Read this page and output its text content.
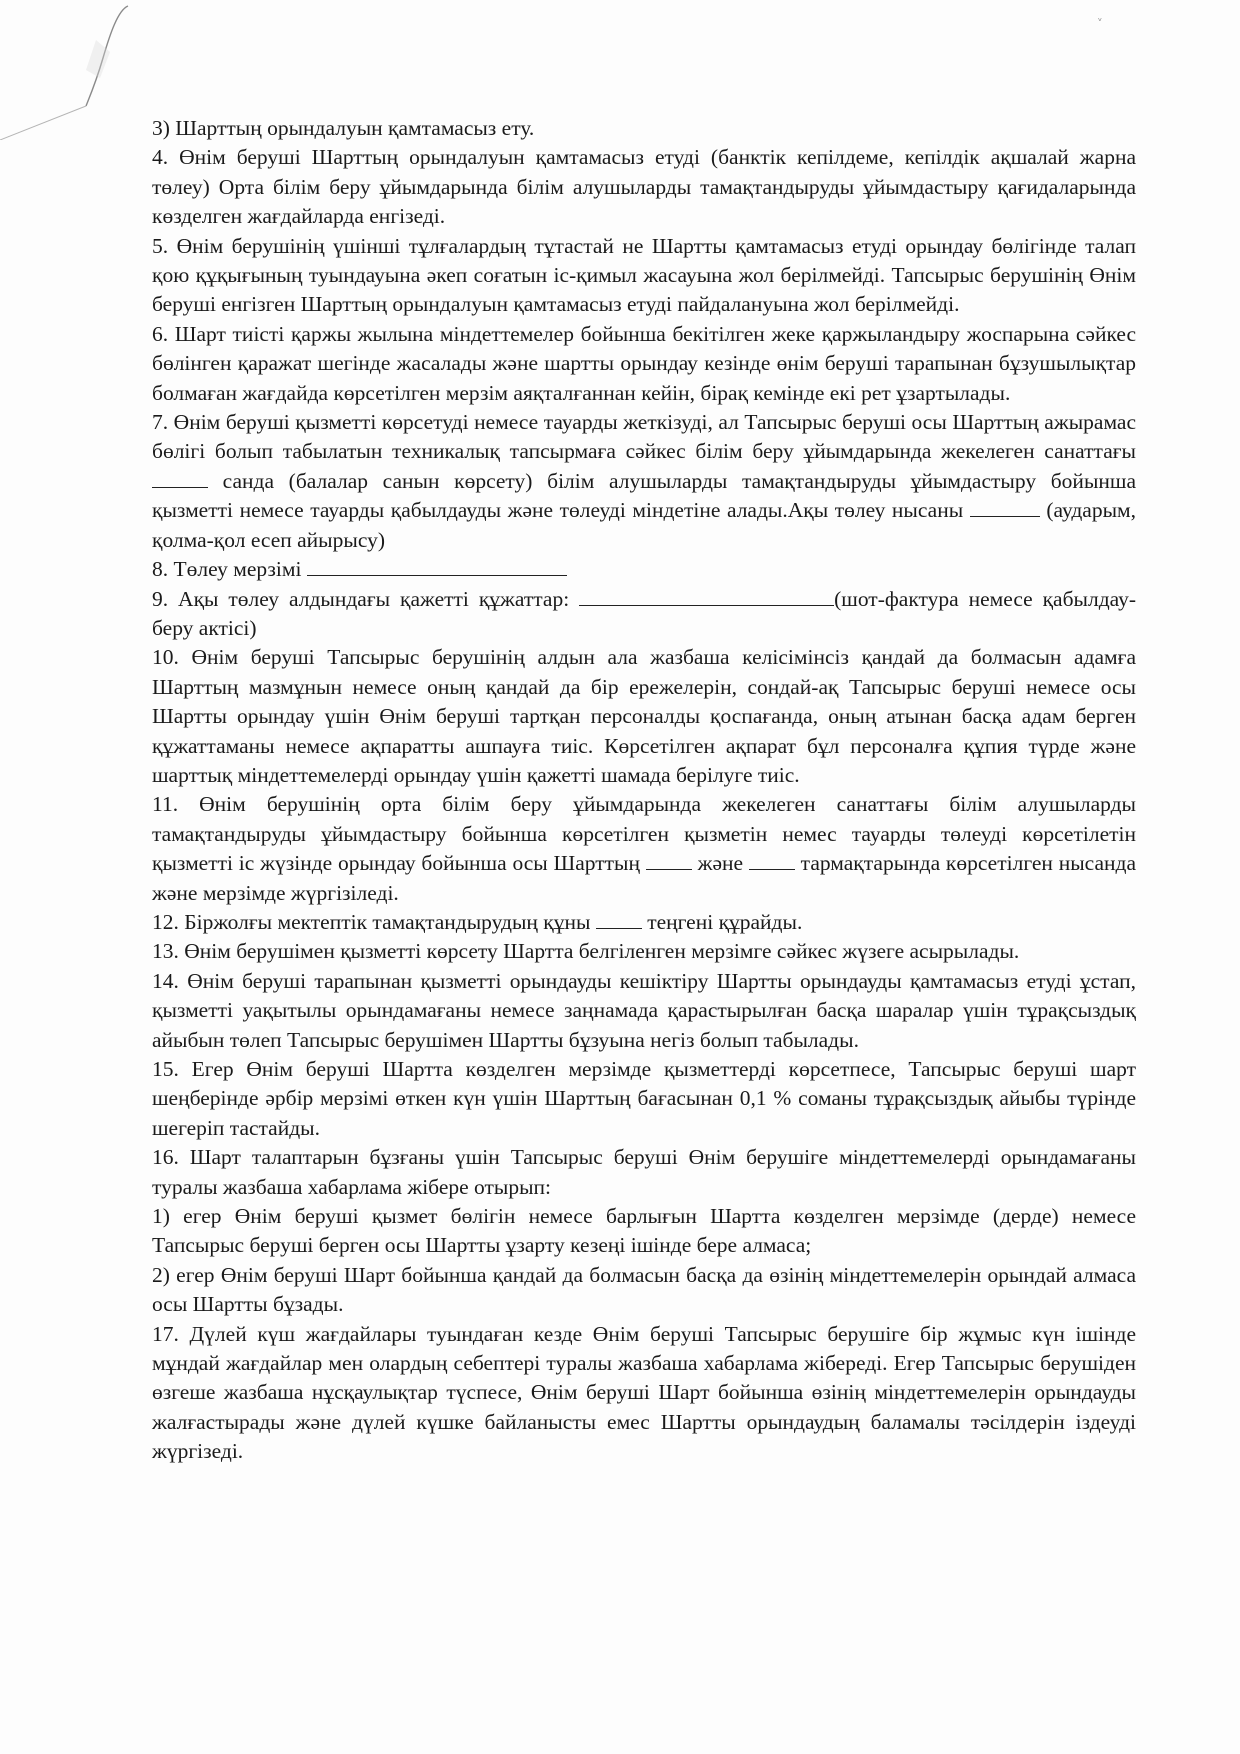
ᵥ

3) Шарттың орындалуын қамтамасыз ету.

4. Өнім беруші Шарттың орындалуын қамтамасыз етуді (банктік кепілдеме, кепілдік ақшалай жарна төлеу) Орта білім беру ұйымдарында білім алушыларды тамақтандыруды ұйымдастыру қағидаларында көзделген жағдайларда енгізеді.

5. Өнім берушінің үшінші тұлғалардың тұтастай не Шартты қамтамасыз етуді орындау бөлігінде талап қою құқығының туындауына әкеп соғатын іс-қимыл жасауына жол берілмейді. Тапсырыс берушінің Өнім беруші енгізген Шарттың орындалуын қамтамасыз етуді пайдалануына жол берілмейді.

6. Шарт тиісті қаржы жылына міндеттемелер бойынша бекітілген жеке қаржыландыру жоспарына сәйкес бөлінген қаражат шегінде жасалады және шартты орындау кезінде өнім беруші тарапынан бұзушылықтар болмаған жағдайда көрсетілген мерзім аяқталғаннан кейін, бірақ кемінде екі рет ұзартылады.

7. Өнім беруші қызметті көрсетуді немесе тауарды жеткізуді, ал Тапсырыс беруші осы Шарттың ажырамас бөлігі болып табылатын техникалық тапсырмаға сәйкес білім беру ұйымдарында жекелеген санаттағы  санда (балалар санын көрсету) білім алушыларды тамақтандыруды ұйымдастыру бойынша қызметті немесе тауарды қабылдауды және төлеуді міндетіне алады.Ақы төлеу нысаны	(аударым, қолма-қол есеп айырысу)

8. Төлеу мерзімі

9. Ақы төлеу алдындағы қажетті құжаттар:	(шот-фактура немесе қабылдау-беру актісі)

10. Өнім беруші Тапсырыс берушінің алдын ала жазбаша келісімінсіз қандай да болмасын адамға Шарттың мазмұнын немесе оның қандай да бір ережелерін, сондай-ақ Тапсырыс беруші немесе осы Шартты орындау үшін Өнім беруші тартқан персоналды қоспағанда, оның атынан басқа адам берген құжаттаманы немесе ақпаратты ашпауға тиіс. Көрсетілген ақпарат бұл персоналға құпия түрде және шарттық міндеттемелерді орындау үшін қажетті шамада берілуге тиіс.

11. Өнім берушінің орта білім беру ұйымдарында жекелеген санаттағы білім алушыларды тамақтандыруды ұйымдастыру бойынша көрсетілген қызметін немес тауарды төлеуді көрсетілетін қызметті іс жүзінде орындау бойынша осы Шарттың	және	тармақтарында көрсетілген нысанда және мерзімде жүргізіледі.

12. Біржолғы мектептік тамақтандырудың құны	теңгені құрайды.

13. Өнім берушімен қызметті көрсету Шартта белгіленген мерзімге сәйкес жүзеге асырылады.

14. Өнім беруші тарапынан қызметті орындауды кешіктіру Шартты орындауды қамтамасыз етуді ұстап, қызметті уақытылы орындамағаны немесе заңнамада қарастырылған басқа шаралар үшін тұрақсыздық айыбын төлеп Тапсырыс берушімен Шартты бұзуына негіз болып табылады.

15. Егер Өнім беруші Шартта көзделген мерзімде қызметтерді көрсетпесе, Тапсырыс беруші шарт шеңберінде әрбір мерзімі өткен күн үшін Шарттың бағасынан 0,1 % соманы тұрақсыздық айыбы түрінде шегеріп тастайды.

16. Шарт талаптарын бұзғаны үшін Тапсырыс беруші Өнім берушіге міндеттемелерді орындамағаны туралы жазбаша хабарлама жіберe отырып:

1) егер Өнім беруші қызмет бөлігін немесе барлығын Шартта көзделген мерзімде (дерде) немесе Тапсырыс беруші берген осы Шартты ұзарту кезеңі ішінде бере алмаса;

2) егер Өнім беруші Шарт бойынша қандай да болмасын басқа да өзінің міндеттемелерін орындай алмаса осы Шартты бұзады.

17. Дүлей күш жағдайлары туындаған кезде Өнім беруші Тапсырыс берушіге бір жұмыс күн ішінде мұндай жағдайлар мен олардың себептері туралы жазбаша хабарлама жібереді. Егер Тапсырыс берушіден өзгеше жазбаша нұсқаулықтар түспесе, Өнім беруші Шарт бойынша өзінің міндеттемелерін орындауды жалғастырады және дүлей күшке байланысты емес Шартты орындаудың баламалы тәсілдерін іздеуді жүргізеді.
